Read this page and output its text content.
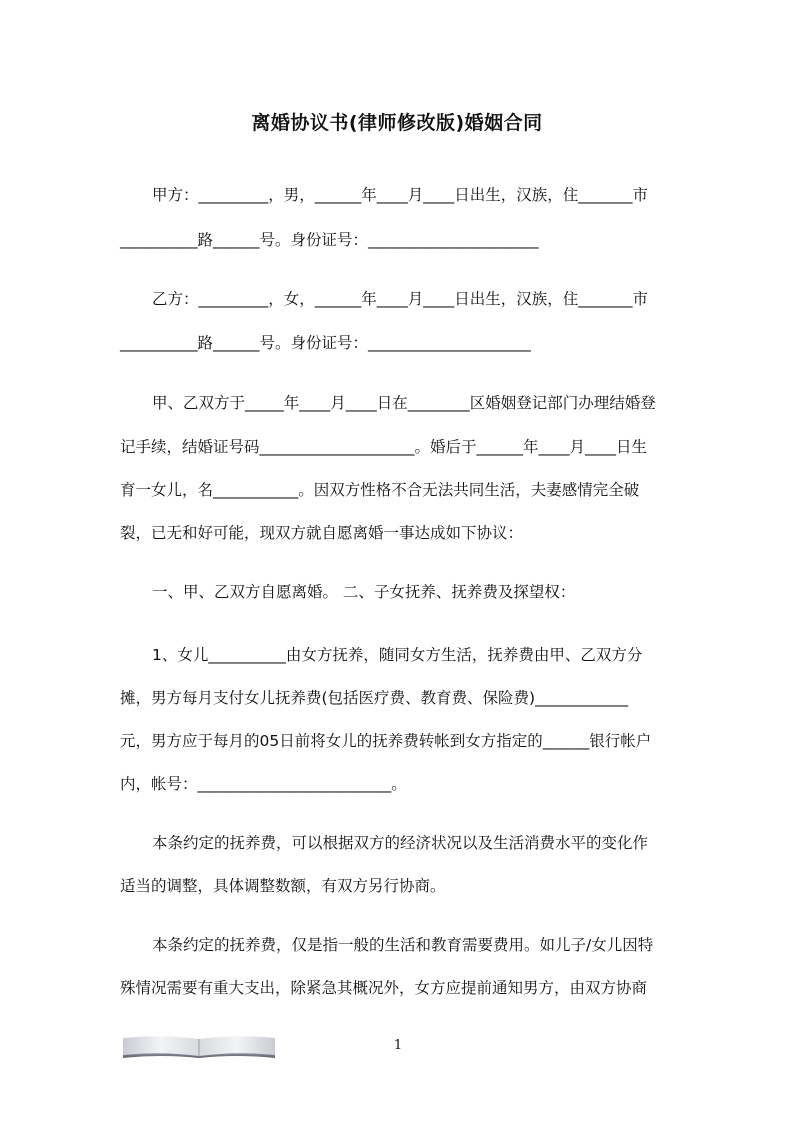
离婚协议书(律师修改版)婚姻合同
甲方：_________，男，______年____月____日出生，汉族，住_______市
__________路______号。身份证号：______________________
乙方：_________，女，______年____月____日出生，汉族，住_______市
__________路______号。身份证号：_____________________
甲、乙双方于_____年____月____日在________区婚姻登记部门办理结婚登
记手续，结婚证号码____________________。婚后于______年____月____日生
育一女儿，名___________。因双方性格不合无法共同生活，夫妻感情完全破
裂，已无和好可能，现双方就自愿离婚一事达成如下协议：
一、甲、乙双方自愿离婚。 二、子女抚养、抚养费及探望权：
1、女儿__________由女方抚养，随同女方生活，抚养费由甲、乙双方分
摊，男方每月支付女儿抚养费(包括医疗费、教育费、保险费)____________
元，男方应于每月的05日前将女儿的抚养费转帐到女方指定的______银行帐户
内，帐号：_________________________。
本条约定的抚养费，可以根据双方的经济状况以及生活消费水平的变化作
适当的调整，具体调整数额，有双方另行协商。
本条约定的抚养费，仅是指一般的生活和教育需要费用。如儿子/女儿因特
殊情况需要有重大支出，除紧急其概况外，女方应提前通知男方，由双方协商
1
